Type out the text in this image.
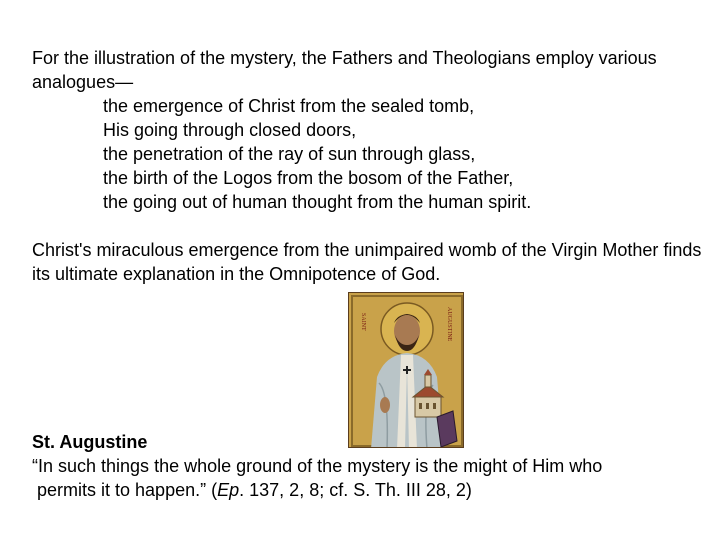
For the illustration of the mystery, the Fathers and Theologians employ various analogues—

the emergence of Christ from the sealed tomb,
His going through closed doors,
the penetration of the ray of sun through glass,
the birth of the Logos from the bosom of the Father,
the going out of human thought from the human spirit.

Christ's miraculous emergence from the unimpaired womb of the Virgin Mother finds its ultimate explanation in the Omnipotence of God.

SAINT	AUGUSTINE

St. Augustine

“In such things the whole ground of the mystery is the might of Him who
permits it to happen.” (Ep. 137, 2, 8; cf. S. Th. III 28, 2)
